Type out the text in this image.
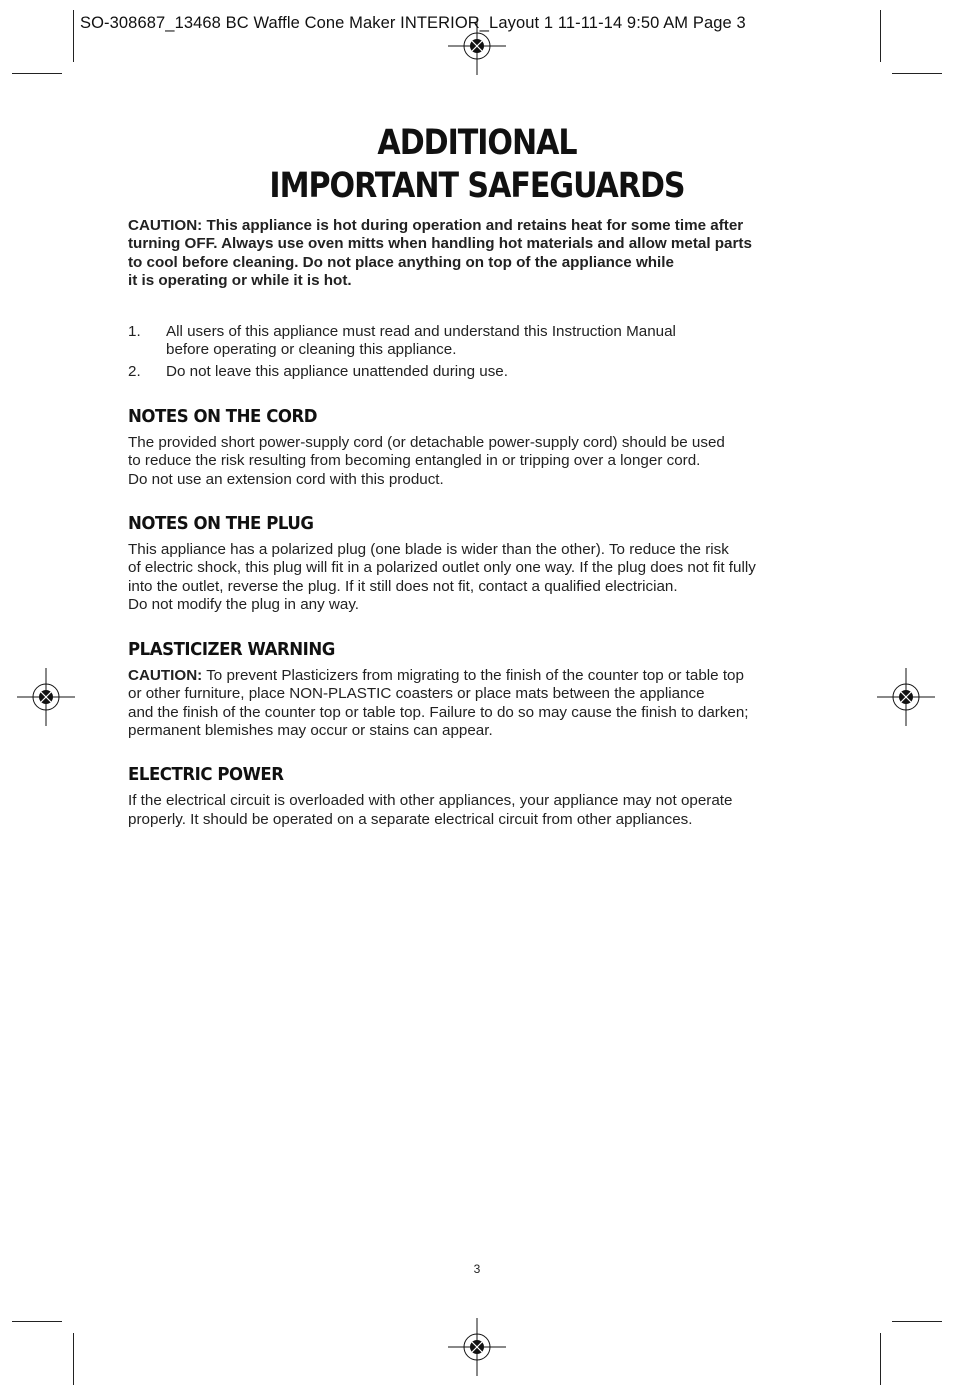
SO-308687_13468 BC Waffle Cone Maker INTERIOR_Layout 1 11-11-14 9:50 AM Page 3
ADDITIONAL
IMPORTANT SAFEGUARDS

CAUTION: This appliance is hot during operation and retains heat for some time after
turning OFF. Always use oven mitts when handling hot materials and allow metal parts
to cool before cleaning. Do not place anything on top of the appliance while
it is operating or while it is hot.

1. All users of this appliance must read and understand this Instruction Manual
before operating or cleaning this appliance.
2. Do not leave this appliance unattended during use.
NOTES ON THE CORD
The provided short power-supply cord (or detachable power-supply cord) should be used
to reduce the risk resulting from becoming entangled in or tripping over a longer cord.
Do not use an extension cord with this product.
NOTES ON THE PLUG
This appliance has a polarized plug (one blade is wider than the other). To reduce the risk
of electric shock, this plug will fit in a polarized outlet only one way. If the plug does not fit fully
into the outlet, reverse the plug. If it still does not fit, contact a qualified electrician.
Do not modify the plug in any way.
PLASTICIZER WARNING
CAUTION: To prevent Plasticizers from migrating to the finish of the counter top or table top
or other furniture, place NON-PLASTIC coasters or place mats between the appliance
and the finish of the counter top or table top. Failure to do so may cause the finish to darken;
permanent blemishes may occur or stains can appear.
ELECTRIC POWER
If the electrical circuit is overloaded with other appliances, your appliance may not operate
properly. It should be operated on a separate electrical circuit from other appliances.
3
